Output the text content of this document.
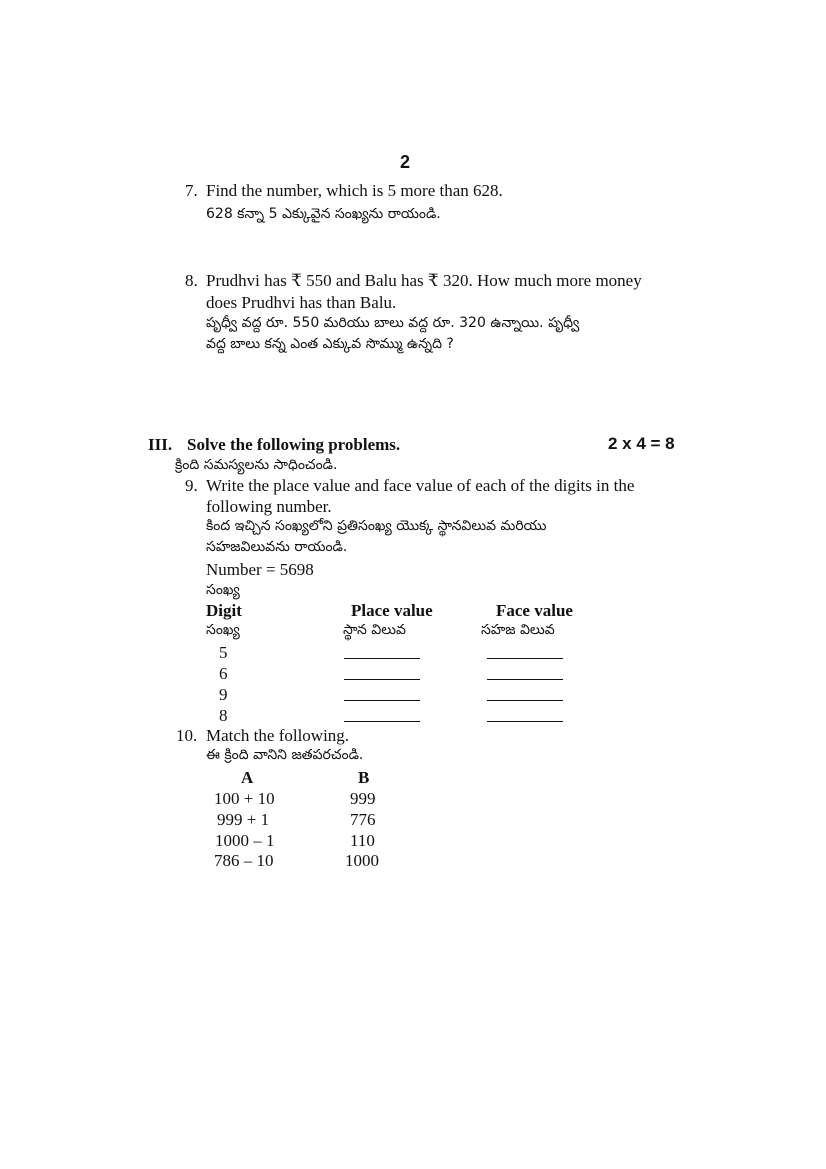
2
7. Find the number, which is 5 more than 628.
628 కన్నా 5 ఎక్కువైన సంఖ్యను రాయండి.
8. Prudhvi has ₹ 550 and Balu has ₹ 320. How much more money
does Prudhvi has than Balu.
పృధ్వీ వద్ద రూ. 550 మరియు బాలు వద్ద రూ. 320 ఉన్నాయి. పృధ్వీ
వద్ద బాలు కన్న ఎంత ఎక్కువ సొమ్ము ఉన్నది ?
III. Solve the following problems.	2 x 4 = 8
క్రింది సమస్యలను సాధించండి.
9. Write the place value and face value of each of the digits in the
following number.
కింద ఇచ్చిన సంఖ్యలోని ప్రతిసంఖ్య యొక్క స్థానవిలువ మరియు
సహజవిలువను రాయండి.
Number = 5698
సంఖ్య
Digit	Place value	Face value
సంఖ్య	స్థాన విలువ	సహజ విలువ
5
6
9
8
10. Match the following.
ఈ క్రింది వానిని జతపరచండి.
A	B
100 + 10	999
999 + 1	776
1000 – 1	110
786 – 10	1000
